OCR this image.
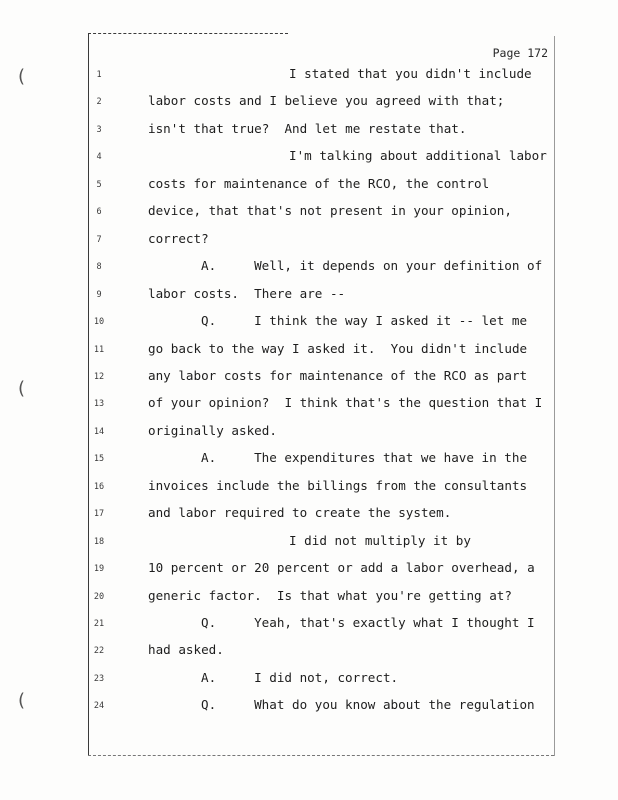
(
(
(
Page 172
1	I stated that you didn't include
2	labor costs and I believe you agreed with that;
3	isn't that true?  And let me restate that.
4	I'm talking about additional labor
5	costs for maintenance of the RCO, the control
6	device, that that's not present in your opinion,
7	correct?
8	A.     Well, it depends on your definition of
9	labor costs.  There are --
10	Q.     I think the way I asked it -- let me
11	go back to the way I asked it.  You didn't include
12	any labor costs for maintenance of the RCO as part
13	of your opinion?  I think that's the question that I
14	originally asked.
15	A.     The expenditures that we have in the
16	invoices include the billings from the consultants
17	and labor required to create the system.
18	I did not multiply it by
19	10 percent or 20 percent or add a labor overhead, a
20	generic factor.  Is that what you're getting at?
21	Q.     Yeah, that's exactly what I thought I
22	had asked.
23	A.     I did not, correct.
24	Q.     What do you know about the regulation
